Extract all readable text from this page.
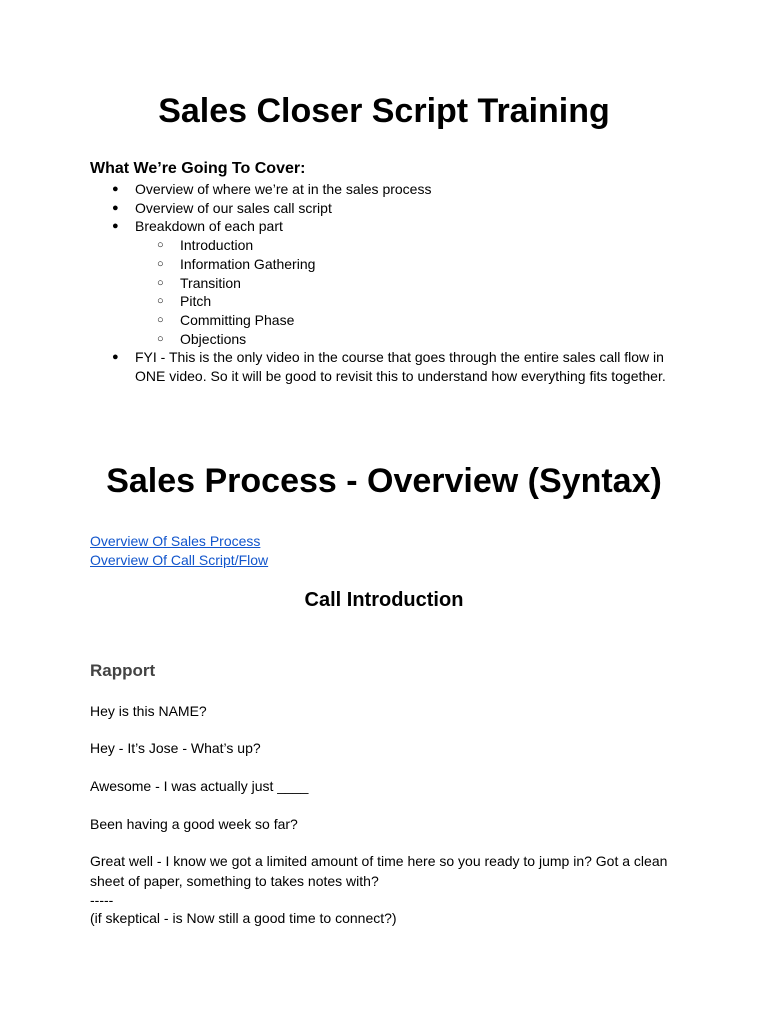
Sales Closer Script Training

What We’re Going To Cover:

● Overview of where we’re at in the sales process
● Overview of our sales call script
● Breakdown of each part
○ Introduction
○ Information Gathering
○ Transition
○ Pitch
○ Committing Phase
○ Objections
● FYI - This is the only video in the course that goes through the entire sales call flow in ONE video. So it will be good to revisit this to understand how everything fits together.
Sales Process - Overview (Syntax)
Overview Of Sales Process
Overview Of Call Script/Flow
Call Introduction
Rapport

Hey is this NAME?

Hey - It’s Jose - What’s up?

Awesome - I was actually just ____

Been having a good week so far?

Great well - I know we got a limited amount of time here so you ready to jump in? Got a clean sheet of paper, something to takes notes with?

-----

(if skeptical - is Now still a good time to connect?)
